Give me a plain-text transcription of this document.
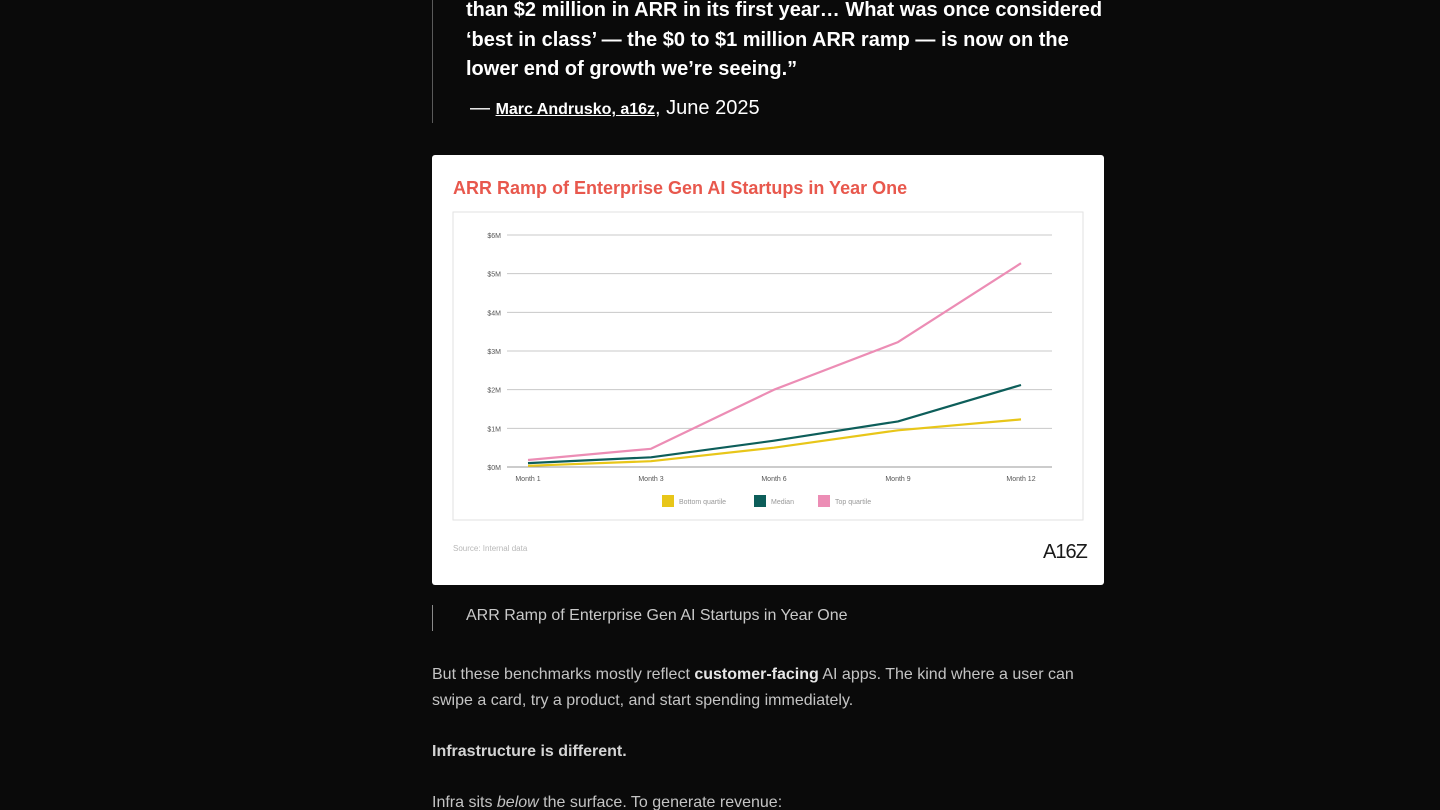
than $2 million in ARR in its first year… What was once considered
‘best in class’ — the $0 to $1 million ARR ramp — is now on the
lower end of growth we’re seeing.”
— Marc Andrusko, a16z, June 2025
ARR Ramp of Enterprise Gen AI Startups in Year One
$0M
$1M
$2M
$3M
$4M
$5M
$6M
Month 1	Month 3	Month 6	Month 9	Month 12
Bottom quartile	Median	Top quartile
Source: Internal data	A16Z
ARR Ramp of Enterprise Gen AI Startups in Year One
But these benchmarks mostly reflect customer-facing AI apps. The kind where a user can
swipe a card, try a product, and start spending immediately.
Infrastructure is different.
Infra sits below the surface. To generate revenue:
